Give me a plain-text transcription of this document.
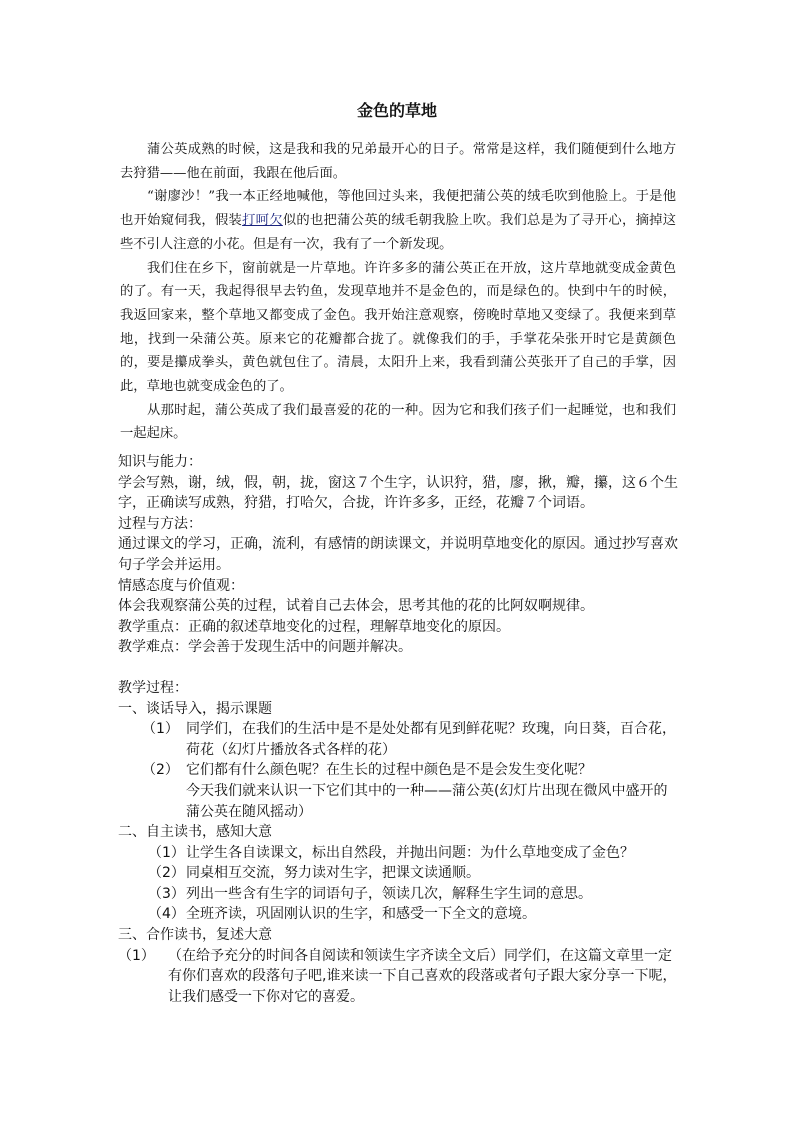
金色的草地

蒲公英成熟的时候，这是我和我的兄弟最开心的日子。常常是这样，我们随便到什么地方去狩猎——他在前面，我跟在他后面。

“谢廖沙！”我一本正经地喊他，等他回过头来，我便把蒲公英的绒毛吹到他脸上。于是他也开始窥伺我，假装打呵欠似的也把蒲公英的绒毛朝我脸上吹。我们总是为了寻开心，摘掉这些不引人注意的小花。但是有一次，我有了一个新发现。

我们住在乡下，窗前就是一片草地。许许多多的蒲公英正在开放，这片草地就变成金黄色的了。有一天，我起得很早去钓鱼，发现草地并不是金色的，而是绿色的。快到中午的时候，我返回家来，整个草地又都变成了金色。我开始注意观察，傍晚时草地又变绿了。我便来到草地，找到一朵蒲公英。原来它的花瓣都合拢了。就像我们的手，手掌花朵张开时它是黄颜色的，要是攥成拳头，黄色就包住了。清晨，太阳升上来，我看到蒲公英张开了自己的手掌，因此，草地也就变成金色的了。

从那时起，蒲公英成了我们最喜爱的花的一种。因为它和我们孩子们一起睡觉，也和我们一起起床。

知识与能力：

学会写熟，谢，绒，假，朝，拢，窗这７个生字，认识狩，猎，廖，揪，瓣，攥，这６个生字，正确读写成熟，狩猎，打哈欠，合拢，许许多多，正经，花瓣７个词语。

过程与方法：

通过课文的学习，正确，流利，有感情的朗读课文，并说明草地变化的原因。通过抄写喜欢句子学会并运用。

情感态度与价值观：

体会我观察蒲公英的过程，试着自己去体会，思考其他的花的比阿奴啊规律。

教学重点：正确的叙述草地变化的过程，理解草地变化的原因。

教学难点：学会善于发现生活中的问题并解决。

教学过程：

一、谈话导入，揭示课题

（1） 同学们，在我们的生活中是不是处处都有见到鲜花呢？玫瑰，向日葵，百合花，荷花（幻灯片播放各式各样的花）
（2） 它们都有什么颜色呢？在生长的过程中颜色是不是会发生变化呢？

今天我们就来认识一下它们其中的一种——蒲公英(幻灯片出现在微风中盛开的蒲公英在随风摇动）

二、自主读书，感知大意

（1） 让学生各自读课文，标出自然段，并抛出问题：为什么草地变成了金色？
（2） 同桌相互交流，努力读对生字，把课文读通顺。
（3） 列出一些含有生字的词语句子，领读几次，解释生字生词的意思。
（4） 全班齐读，巩固刚认识的生字，和感受一下全文的意境。

三、合作读书，复述大意

（1） （在给予充分的时间各自阅读和领读生字齐读全文后）同学们，在这篇文章里一定有你们喜欢的段落句子吧,谁来读一下自己喜欢的段落或者句子跟大家分享一下呢，让我们感受一下你对它的喜爱。
